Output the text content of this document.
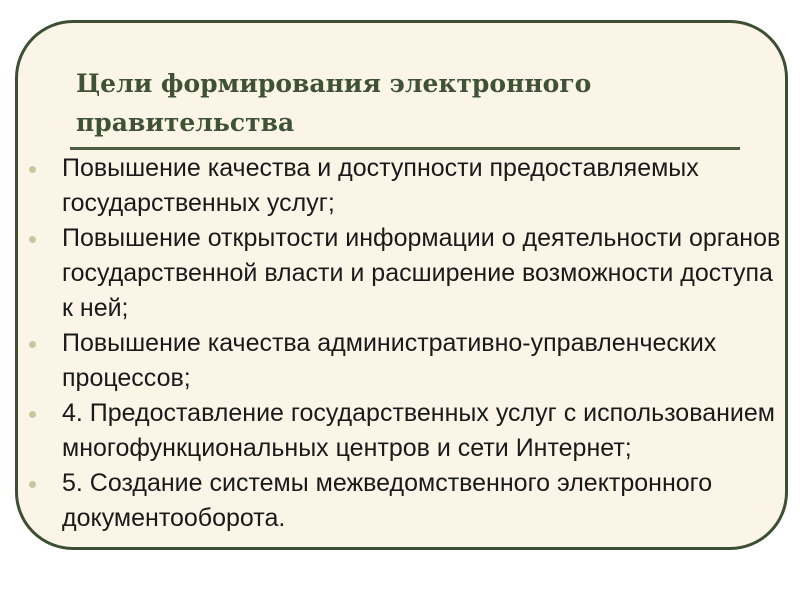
Цели формирования электронного правительства
Повышение качества и доступности предоставляемых государственных услуг;
Повышение открытости информации о деятельности органов государственной власти и расширение возможности доступа к ней;
Повышение качества административно-управленческих процессов;
4. Предоставление государственных услуг с использованием многофункциональных центров и сети Интернет;
5. Создание системы межведомственного электронного документооборота.
